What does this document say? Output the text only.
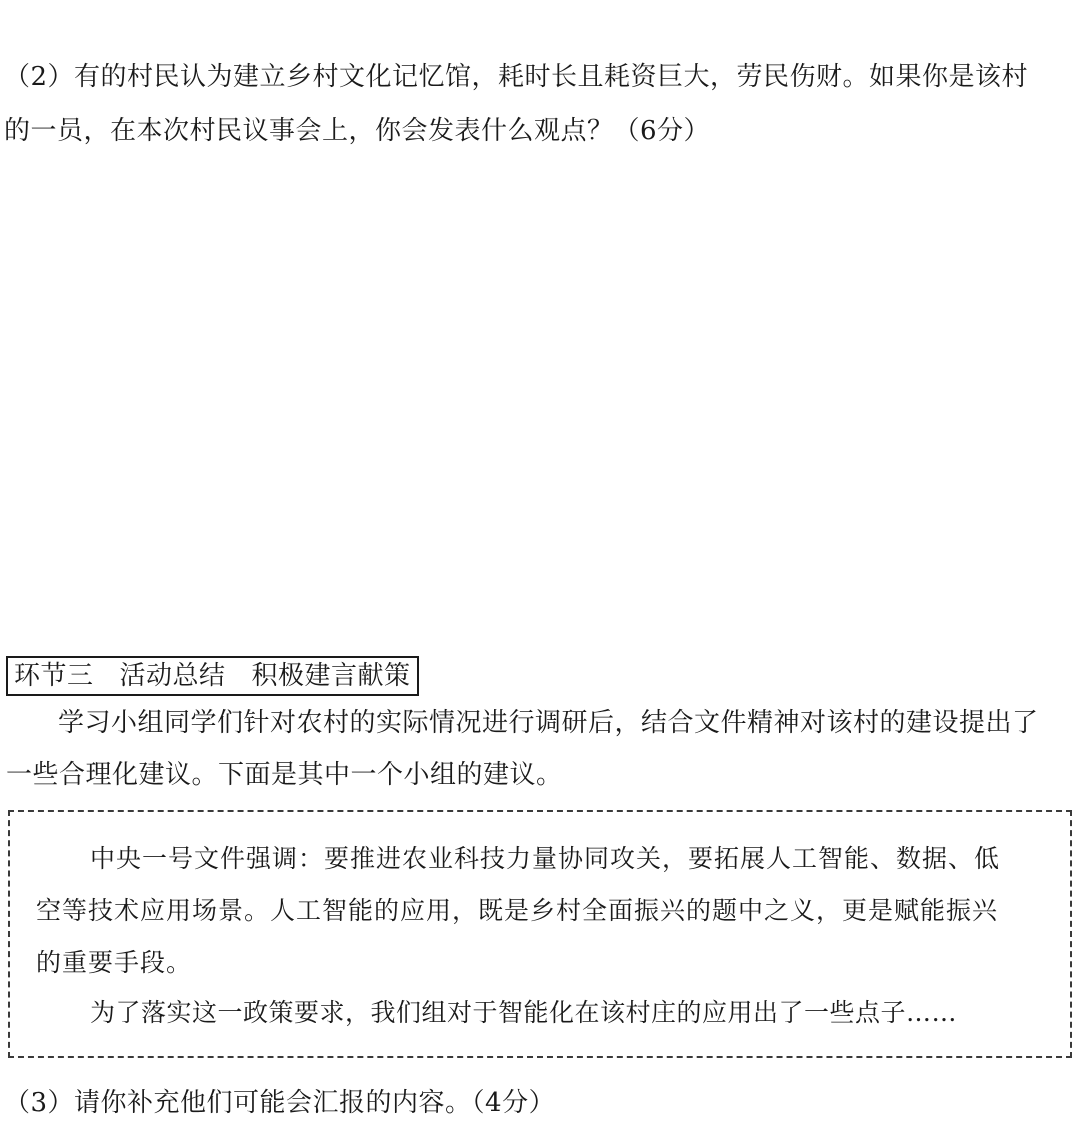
（2）有的村民认为建立乡村文化记忆馆，耗时长且耗资巨大，劳民伤财。如果你是该村
的一员，在本次村民议事会上，你会发表什么观点？（6分）
环节三 活动总结 积极建言献策
学习小组同学们针对农村的实际情况进行调研后，结合文件精神对该村的建设提出了
一些合理化建议。下面是其中一个小组的建议。
中央一号文件强调：要推进农业科技力量协同攻关，要拓展人工智能、数据、低
空等技术应用场景。人工智能的应用，既是乡村全面振兴的题中之义，更是赋能振兴
的重要手段。
为了落实这一政策要求，我们组对于智能化在该村庄的应用出了一些点子……
（3）请你补充他们可能会汇报的内容。（4分）
